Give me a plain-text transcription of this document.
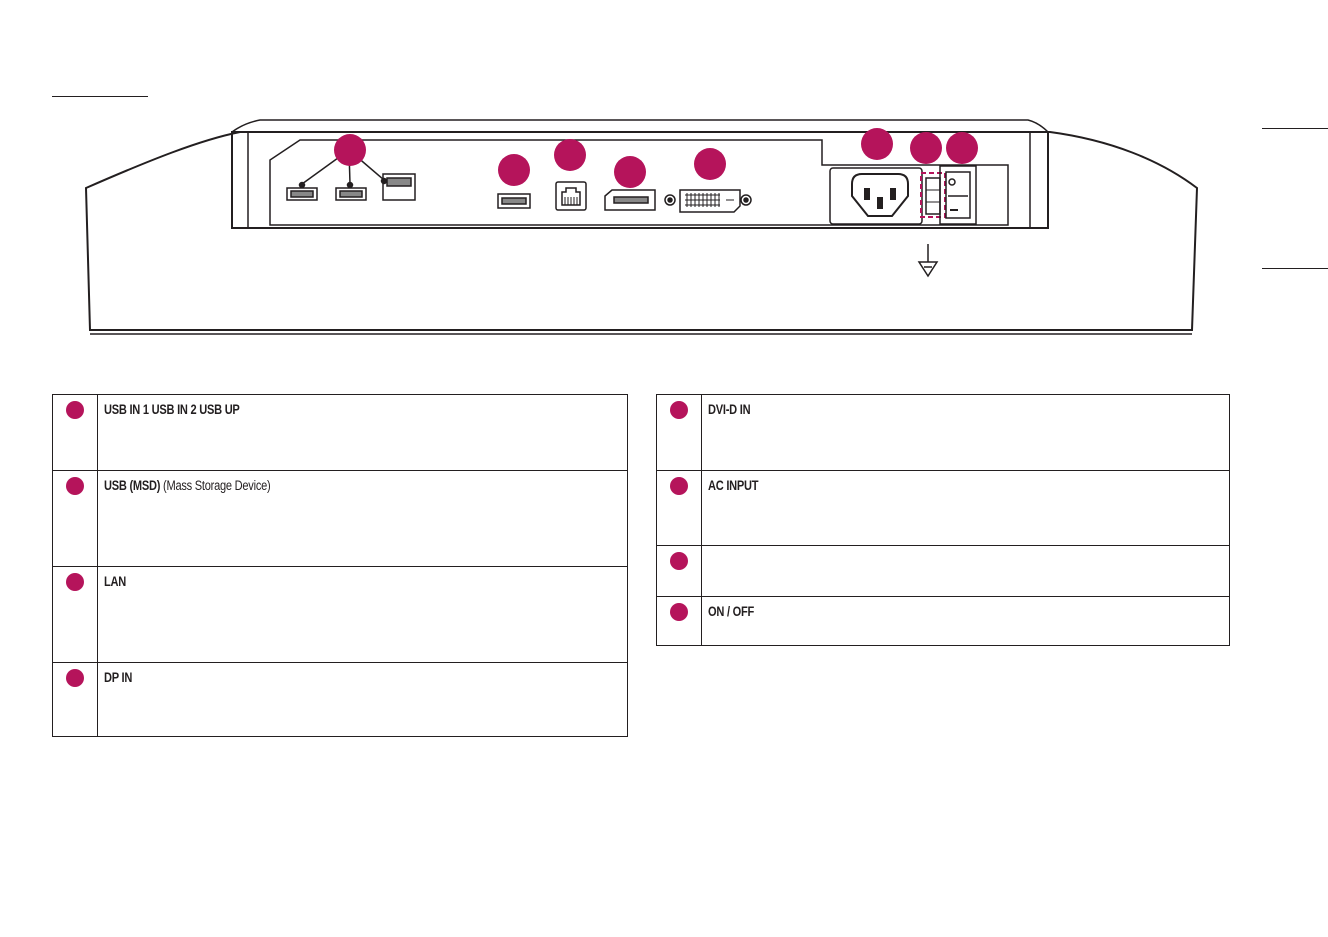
	USB IN 1 USB IN 2 USB UP

	USB (MSD) (Mass Storage Device)

	LAN

	DP IN
	DVI-D IN

	AC INPUT

	ON / OFF
